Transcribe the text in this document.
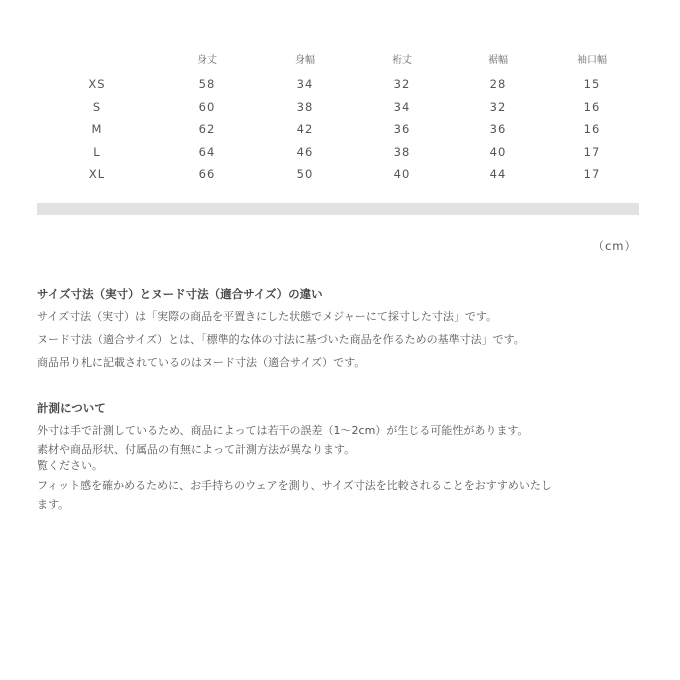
	身丈	身幅	裄丈	裾幅	袖口幅
XS	58	34	32	28	15
S	60	38	34	32	16
M	62	42	36	36	16
L	64	46	38	40	17
XL	66	50	40	44	17
（cm）

サイズ寸法（実寸）とヌード寸法（適合サイズ）の違い

サイズ寸法（実寸）は「実際の商品を平置きにした状態でメジャーにて採寸した寸法」です。

ヌード寸法（適合サイズ）とは、「標準的な体の寸法に基づいた商品を作るための基準寸法」です。

商品吊り札に記載されているのはヌード寸法（適合サイズ）です。

計測について

外寸は手で計測しているため、商品によっては若干の誤差（1〜2cm）が生じる可能性があります。

素材や商品形状、付属品の有無によって計測方法が異なります。

覧ください。

フィット感を確かめるために、お手持ちのウェアを測り、サイズ寸法を比較されることをおすすめいたし

ます。
